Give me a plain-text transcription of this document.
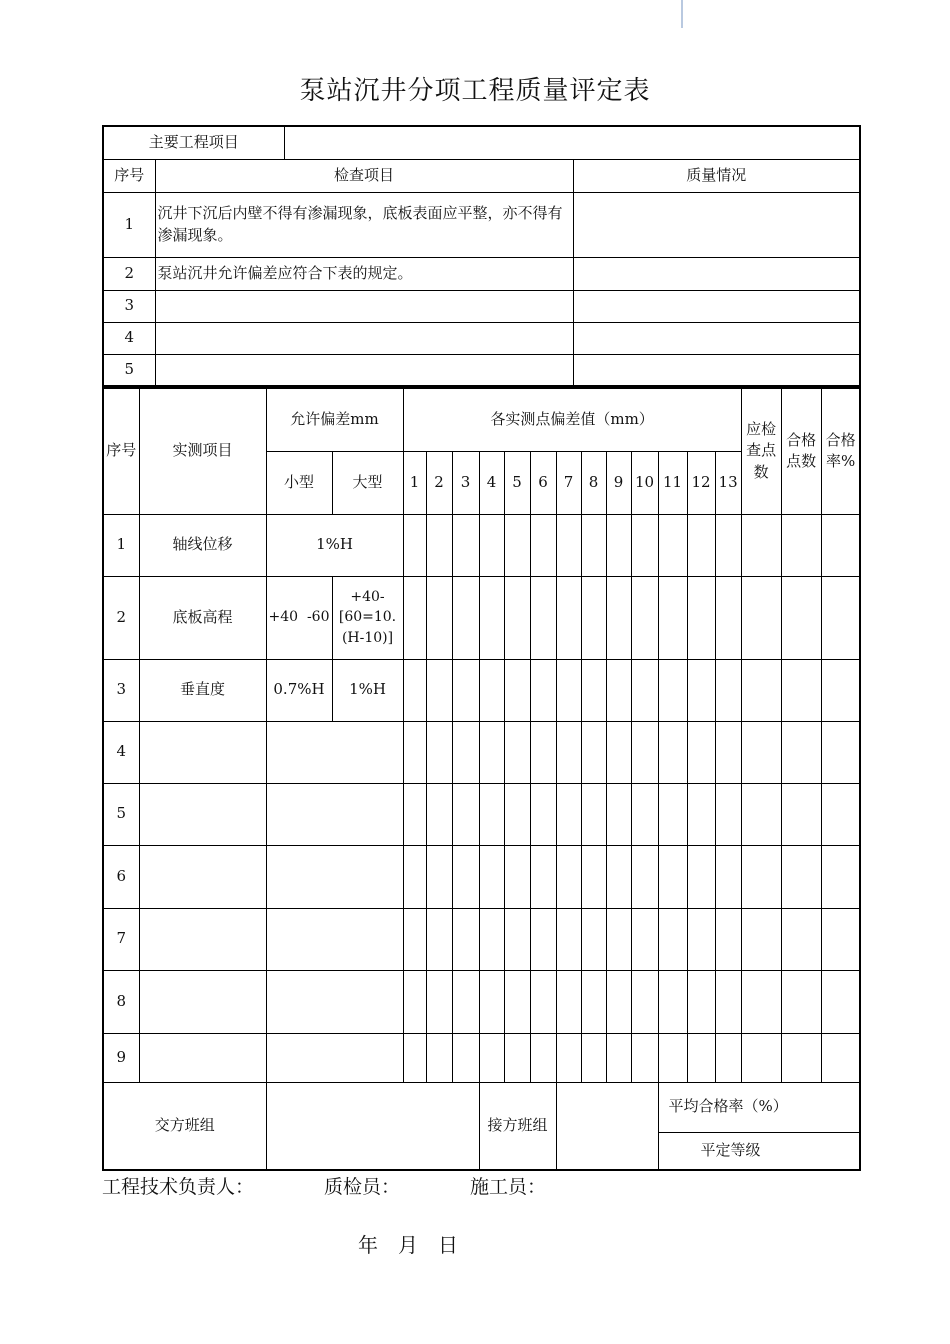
泵站沉井分项工程质量评定表
主要工程项目			
序号	检查项目		质量情况
1	沉井下沉后内壁不得有渗漏现象，底板表面应平整，亦不得有渗漏现象。		
2	泵站沉井允许偏差应符合下表的规定。		
3			
4			
5			
序号	实测项目	允许偏差mm		各实测点偏差值（mm）													应检查点数	合格点数	合格率%	
		小型	大型	1	2	3	4	5	6	7	8	9	10	11	12	13				
1	轴线位移	1%H																		
2	底板高程	+40  -60	+40-
[60=10.
(H-10)]																	

3	垂直度	0.7%H	1%H																	
4																				
5																				
6																				
7																				
8																				
9																				
交方班组							接方班组							平均合格率（%）						
														平定等级						
工程技术负责人：	质检员：	施工员：
年　月　日
